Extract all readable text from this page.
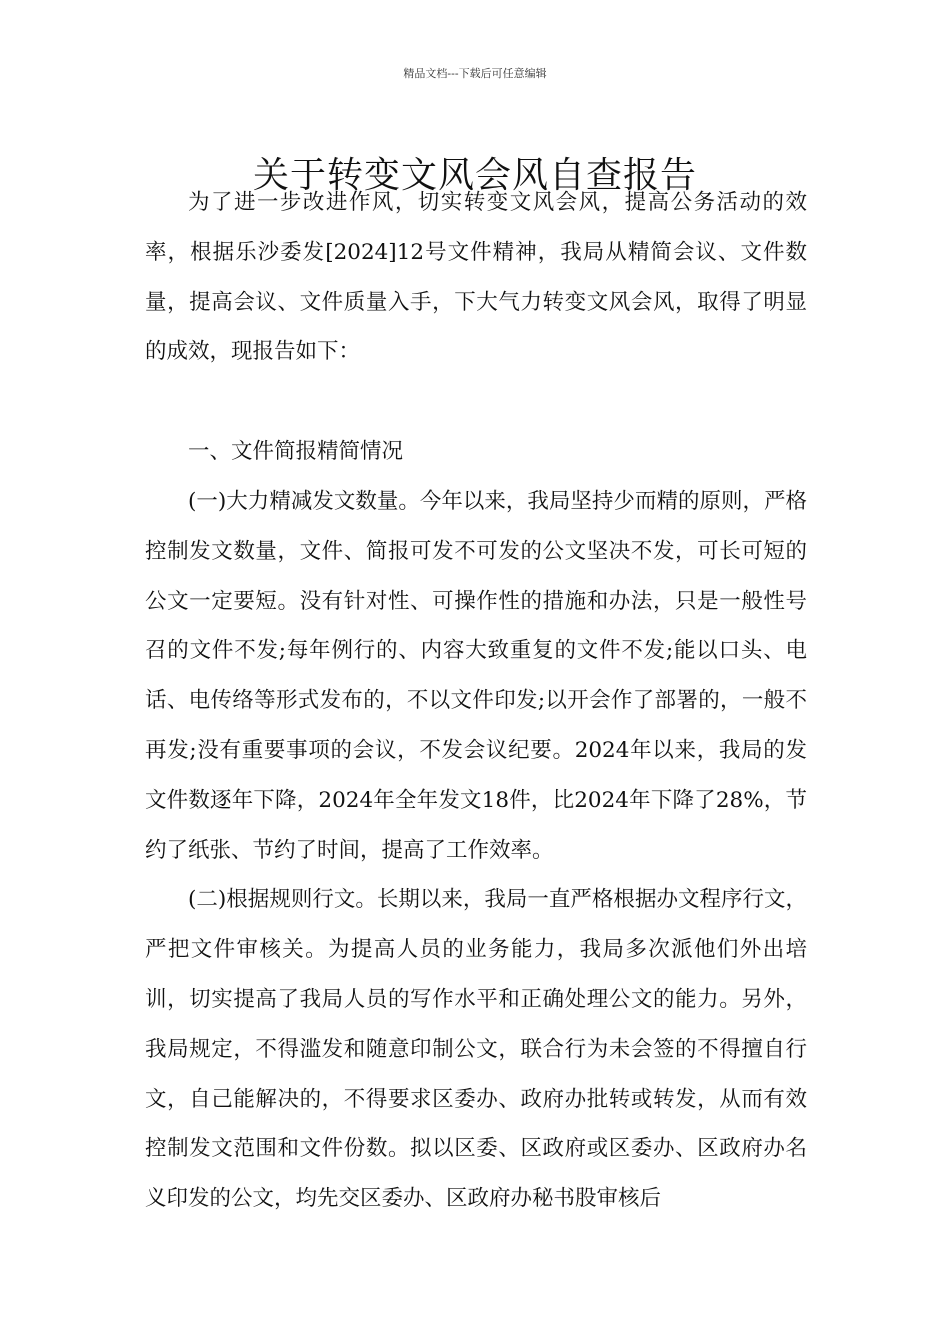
精品文档---下载后可任意编辑
关于转变文风会风自查报告

为了进一步改进作风，切实转变文风会风，提高公务活动的效率，根据乐沙委发[2024]12号文件精神，我局从精简会议、文件数量，提高会议、文件质量入手，下大气力转变文风会风，取得了明显的成效，现报告如下：

一、文件简报精简情况

(一)大力精减发文数量。今年以来，我局坚持少而精的原则，严格控制发文数量，文件、简报可发不可发的公文坚决不发，可长可短的公文一定要短。没有针对性、可操作性的措施和办法，只是一般性号召的文件不发;每年例行的、内容大致重复的文件不发;能以口头、电话、电传络等形式发布的，不以文件印发;以开会作了部署的，一般不再发;没有重要事项的会议，不发会议纪要。2024年以来，我局的发文件数逐年下降，2024年全年发文18件，比2024年下降了28%，节约了纸张、节约了时间，提高了工作效率。

(二)根据规则行文。长期以来，我局一直严格根据办文程序行文，严把文件审核关。为提高人员的业务能力，我局多次派他们外出培训，切实提高了我局人员的写作水平和正确处理公文的能力。另外，我局规定，不得滥发和随意印制公文，联合行为未会签的不得擅自行文，自己能解决的，不得要求区委办、政府办批转或转发，从而有效控制发文范围和文件份数。拟以区委、区政府或区委办、区政府办名义印发的公文，均先交区委办、区政府办秘书股审核后
